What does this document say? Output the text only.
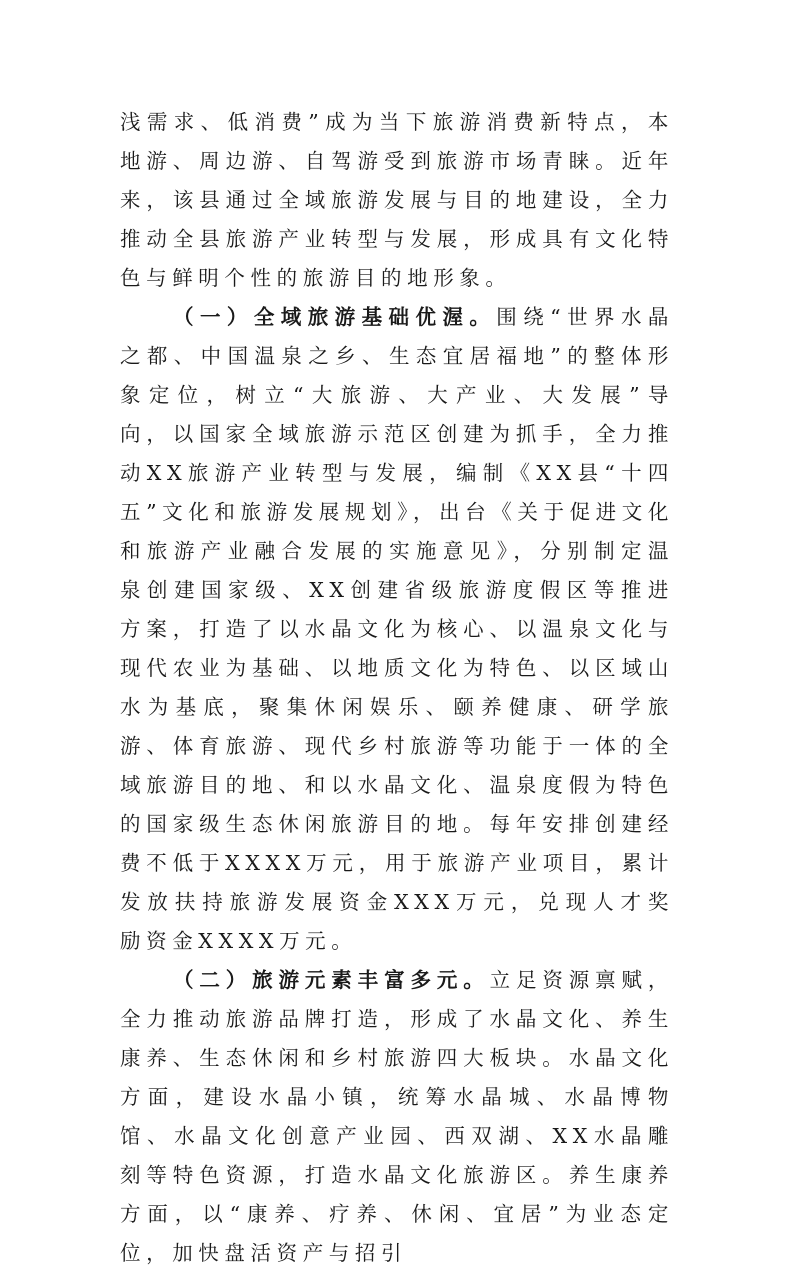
浅需求、低消费”成为当下旅游消费新特点，本地游、周边游、自驾游受到旅游市场青睐。近年来，该县通过全域旅游发展与目的地建设，全力推动全县旅游产业转型与发展，形成具有文化特色与鲜明个性的旅游目的地形象。

（一）全域旅游基础优渥。围绕“世界水晶之都、中国温泉之乡、生态宜居福地”的整体形象定位，树立“大旅游、大产业、大发展”导向，以国家全域旅游示范区创建为抓手，全力推动XX旅游产业转型与发展，编制《XX县“十四五”文化和旅游发展规划》，出台《关于促进文化和旅游产业融合发展的实施意见》，分别制定温泉创建国家级、XX创建省级旅游度假区等推进方案，打造了以水晶文化为核心、以温泉文化与现代农业为基础、以地质文化为特色、以区域山水为基底，聚集休闲娱乐、颐养健康、研学旅游、体育旅游、现代乡村旅游等功能于一体的全域旅游目的地、和以水晶文化、温泉度假为特色的国家级生态休闲旅游目的地。每年安排创建经费不低于XXXX万元，用于旅游产业项目，累计发放扶持旅游发展资金XXX万元，兑现人才奖励资金XXXX万元。

（二）旅游元素丰富多元。立足资源禀赋，全力推动旅游品牌打造，形成了水晶文化、养生康养、生态休闲和乡村旅游四大板块。水晶文化方面，建设水晶小镇，统筹水晶城、水晶博物馆、水晶文化创意产业园、西双湖、XX水晶雕刻等特色资源，打造水晶文化旅游区。养生康养方面，以“康养、疗养、休闲、宜居”为业态定位，加快盘活资产与招引
